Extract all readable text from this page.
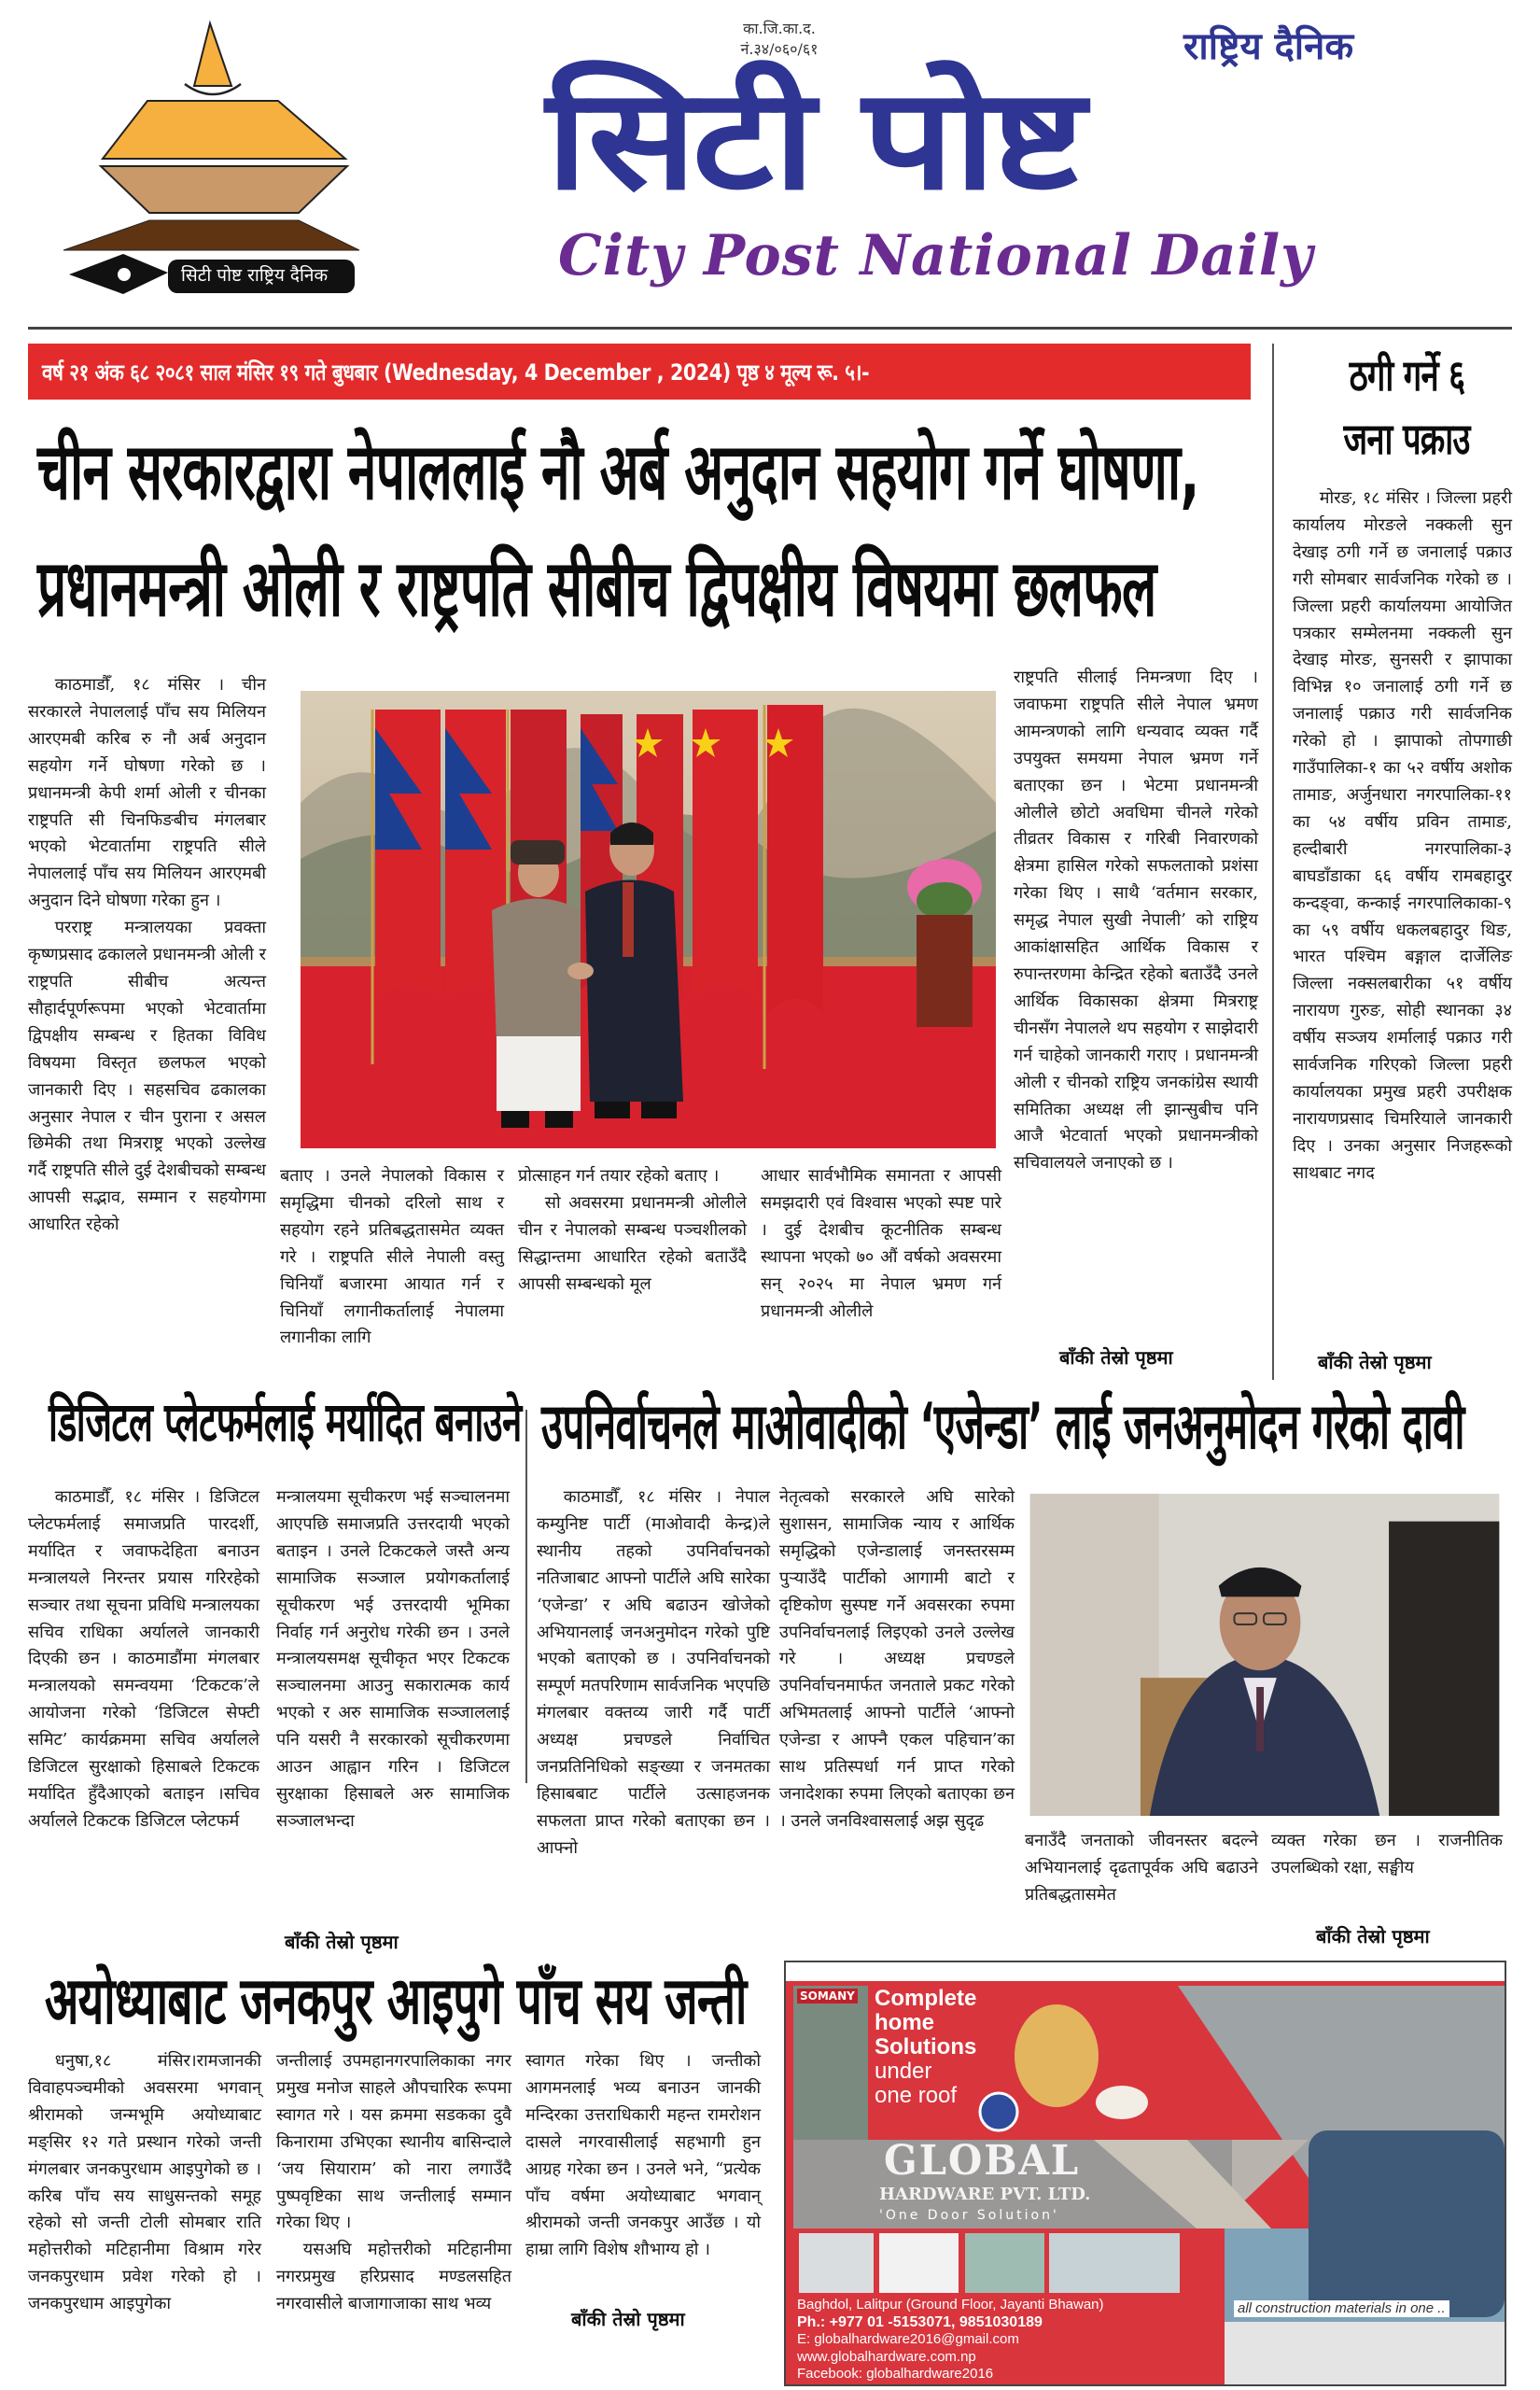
सिटी पोष्ट राष्ट्रिय दैनिक
का.जि.का.द.
नं.३४/०६०/६१	राष्ट्रिय दैनिक
सिटी पोष्ट
City Post National Daily
वर्ष २१ अंक ६८ २०८१ साल मंसिर १९ गते बुधबार (Wednesday, 4 December , 2024) पृष्ठ ४ मूल्य रू. ५।-	ठगी गर्ने ६ जना पक्राउ

मोरङ, १८ मंसिर । जिल्ला प्रहरी कार्यालय मोरङले नक्कली सुन देखाइ ठगी गर्ने छ जनालाई पक्राउ गरी सोमबार सार्वजनिक गरेको छ । जिल्ला प्रहरी कार्यालयमा आयोजित पत्रकार सम्मेलनमा नक्कली सुन देखाइ मोरङ, सुनसरी र झापाका विभिन्न १० जनालाई ठगी गर्ने छ जनालाई पक्राउ गरी सार्वजनिक गरेको हो । झापाको तोपगाछी गाउँपालिका-१ का ५२ वर्षीय अशोक तामाङ, अर्जुनधारा नगरपालिका-११ का ५४ वर्षीय प्रविन तामाङ, हल्दीबारी नगरपालिका-३ बाघडाँडाका ६६ वर्षीय रामबहादुर कन्दङ्वा, कन्काई नगरपालिकाका-९ का ५९ वर्षीय धकलबहादुर थिङ, भारत पश्चिम बङ्गाल दार्जेलिङ जिल्ला नक्सलबारीका ५१ वर्षीय नारायण गुरुङ, सोही स्थानका ३४ वर्षीय सञ्जय शर्मालाई पक्राउ गरी सार्वजनिक गरिएको जिल्ला प्रहरी कार्यालयका प्रमुख प्रहरी उपरीक्षक नारायणप्रसाद चिमरियाले जानकारी दिए । उनका अनुसार निजहरूको साथबाट नगद

बाँकी तेस्रो पृष्ठमा
चीन सरकारद्वारा नेपाललाई नौ अर्ब अनुदान सहयोग गर्ने घोषणा,
प्रधानमन्त्री ओली र राष्ट्रपति सीबीच द्विपक्षीय विषयमा छलफल

काठमाडौँ, १८ मंसिर । चीन सरकारले नेपाललाई पाँच सय मिलियन आरएमबी करिब रु नौ अर्ब अनुदान सहयोग गर्ने घोषणा गरेको छ ।प्रधानमन्त्री केपी शर्मा ओली र चीनका राष्ट्रपति सी चिनफिङबीच मंगलबार भएको भेटवार्तामा राष्ट्रपति सीले नेपाललाई पाँच सय मिलियन आरएमबी अनुदान दिने घोषणा गरेका हुन ।

परराष्ट्र मन्त्रालयका प्रवक्ता कृष्णप्रसाद ढकालले प्रधानमन्त्री ओली र राष्ट्रपति सीबीच अत्यन्त सौहार्दपूर्णरूपमा भएको भेटवार्तामा द्विपक्षीय सम्बन्ध र हितका विविध विषयमा विस्तृत छलफल भएको जानकारी दिए । सहसचिव ढकालका अनुसार नेपाल र चीन पुराना र असल छिमेकी तथा मित्रराष्ट्र भएको उल्लेख गर्दै राष्ट्रपति सीले दुई देशबीचको सम्बन्ध आपसी सद्भाव, सम्मान र सहयोगमा आधारित रहेको

राष्ट्रपति सीलाई निमन्त्रणा दिए । जवाफमा राष्ट्रपति सीले नेपाल भ्रमण आमन्त्रणको लागि धन्यवाद व्यक्त गर्दै उपयुक्त समयमा नेपाल भ्रमण गर्ने बताएका छन । भेटमा प्रधानमन्त्री ओलीले छोटो अवधिमा चीनले गरेको तीव्रतर विकास र गरिबी निवारणको क्षेत्रमा हासिल गरेको सफलताको प्रशंसा गरेका थिए । साथै ‘वर्तमान सरकार, समृद्ध नेपाल सुखी नेपाली’ को राष्ट्रिय आकांक्षासहित आर्थिक विकास र रुपान्तरणमा केन्द्रित रहेको बताउँदै उनले आर्थिक विकासका क्षेत्रमा मित्रराष्ट्र चीनसँग नेपालले थप सहयोग र साझेदारी गर्न चाहेको जानकारी गराए । प्रधानमन्त्री ओली र चीनको राष्ट्रिय जनकांग्रेस स्थायी समितिका अध्यक्ष ली झान्सुबीच पनि आजै भेटवार्ता भएको प्रधानमन्त्रीको सचिवालयले जनाएको छ ।

बाँकी तेस्रो पृष्ठमा

बताए । उनले नेपालको विकास र समृद्धिमा चीनको दरिलो साथ र सहयोग रहने प्रतिबद्धतासमेत व्यक्त गरे । राष्ट्रपति सीले नेपाली वस्तु चिनियाँ बजारमा आयात गर्न र चिनियाँ लगानीकर्तालाई नेपालमा लगानीका लागि

प्रोत्साहन गर्न तयार रहेको बताए ।

सो अवसरमा प्रधानमन्त्री ओलीले चीन र नेपालको सम्बन्ध पञ्चशीलको सिद्धान्तमा आधारित रहेको बताउँदै आपसी सम्बन्धको मूल

आधार सार्वभौमिक समानता र आपसी समझदारी एवं विश्वास भएको स्पष्ट पारे । दुई देशबीच कूटनीतिक सम्बन्ध स्थापना भएको ७० औं वर्षको अवसरमा सन् २०२५ मा नेपाल भ्रमण गर्न प्रधानमन्त्री ओलीले

डिजिटल प्लेटफर्मलाई मर्यादित बनाउने

काठमाडौँ, १८ मंसिर । डिजिटल प्लेटफर्मलाई समाजप्रति पारदर्शी, मर्यादित र जवाफदेहिता बनाउन मन्त्रालयले निरन्तर प्रयास गरिरहेको सञ्चार तथा सूचना प्रविधि मन्त्रालयका सचिव राधिका अर्यालले जानकारी दिएकी छन । काठमाडौंमा मंगलबार मन्त्रालयको समन्वयमा ‘टिकटक’ले आयोजना गरेको ‘डिजिटल सेफ्टी समिट’ कार्यक्रममा सचिव अर्यालले डिजिटल सुरक्षाको हिसाबले टिकटक मर्यादित हुँदैआएको बताइन ।सचिव अर्यालले टिकटक डिजिटल प्लेटफर्म

मन्त्रालयमा सूचीकरण भई सञ्चालनमा आएपछि समाजप्रति उत्तरदायी भएको बताइन । उनले टिकटकले जस्तै अन्य सामाजिक सञ्जाल प्रयोगकर्तालाई सूचीकरण भई उत्तरदायी भूमिका निर्वाह गर्न अनुरोध गरेकी छन । उनले मन्त्रालयसमक्ष सूचीकृत भएर टिकटक सञ्चालनमा आउनु सकारात्मक कार्य भएको र अरु सामाजिक सञ्जाललाई पनि यसरी नै सरकारको सूचीकरणमा आउन आह्वान गरिन । डिजिटल सुरक्षाका हिसाबले अरु सामाजिक सञ्जालभन्दा

बाँकी तेस्रो पृष्ठमा
उपनिर्वाचनले माओवादीको ‘एजेन्डा’ लाई जनअनुमोदन गरेको दावी

काठमाडौँ, १८ मंसिर । नेपाल कम्युनिष्ट पार्टी (माओवादी केन्द्र)ले स्थानीय तहको उपनिर्वाचनको नतिजाबाट आफ्नो पार्टीले अघि सारेका ‘एजेन्डा’ र अघि बढाउन खोजेको अभियानलाई जनअनुमोदन गरेको पुष्टि भएको बताएको छ । उपनिर्वाचनको सम्पूर्ण मतपरिणाम सार्वजनिक भएपछि मंगलबार वक्तव्य जारी गर्दै पार्टी अध्यक्ष प्रचण्डले निर्वाचित जनप्रतिनिधिको सङ्ख्या र जनमतका हिसाबबाट पार्टीले उत्साहजनक सफलता प्राप्त गरेको बताएका छन । आफ्नो

नेतृत्वको सरकारले अघि सारेको सुशासन, सामाजिक न्याय र आर्थिक समृद्धिको एजेन्डालाई जनस्तरसम्म पुर्‍याउँदै पार्टीको आगामी बाटो र दृष्टिकोण सुस्पष्ट गर्ने अवसरका रुपमा उपनिर्वाचनलाई लिइएको उनले उल्लेख गरे । अध्यक्ष प्रचण्डले उपनिर्वाचनमार्फत जनताले प्रकट गरेको अभिमतलाई आफ्नो पार्टीले ‘आफ्नो एजेन्डा र आफ्नै एकल पहिचान’का साथ प्रतिस्पर्धा गर्न प्राप्त गरेको जनादेशका रुपमा लिएको बताएका छन । उनले जनविश्वासलाई अझ सुदृढ

बनाउँदै जनताको जीवनस्तर बदल्ने अभियानलाई दृढतापूर्वक अघि बढाउने प्रतिबद्धतासमेत

व्यक्त गरेका छन । राजनीतिक उपलब्धिको रक्षा, सङ्घीय

बाँकी तेस्रो पृष्ठमा
अयोध्याबाट जनकपुर आइपुगे पाँच सय जन्ती

धनुषा,१८ मंसिर।रामजानकी विवाहपञ्चमीको अवसरमा भगवान् श्रीरामको जन्मभूमि अयोध्याबाट मङ्सिर १२ गते प्रस्थान गरेको जन्ती मंगलबार जनकपुरधाम आइपुगेको छ । करिब पाँच सय साधुसन्तको समूह रहेको सो जन्ती टोली सोमबार राति महोत्तरीको मटिहानीमा विश्राम गरेर जनकपुरधाम प्रवेश गरेको हो । जनकपुरधाम आइपुगेका

जन्तीलाई उपमहानगरपालिकाका नगर प्रमुख मनोज साहले औपचारिक रूपमा स्वागत गरे । यस क्रममा सडकका दुवै किनारामा उभिएका स्थानीय बासिन्दाले ‘जय सियाराम’ को नारा लगाउँदै पुष्पवृष्टिका साथ जन्तीलाई सम्मान गरेका थिए ।

यसअघि महोत्तरीको मटिहानीमा नगरप्रमुख हरिप्रसाद मण्डलसहित नगरवासीले बाजागाजाका साथ भव्य

स्वागत गरेका थिए । जन्तीको आगमनलाई भव्य बनाउन जानकी मन्दिरका उत्तराधिकारी महन्त रामरोशन दासले नगरवासीलाई सहभागी हुन आग्रह गरेका छन । उनले भने, “प्रत्येक पाँच वर्षमा अयोध्याबाट भगवान् श्रीरामको जन्ती जनकपुर आउँछ । यो हाम्रा लागि विशेष शौभाग्य हो ।

बाँकी तेस्रो पृष्ठमा
SOMANY Complete
home
Solutions
under
one roof
GLOBAL
HARDWARE PVT. LTD.
'One Door Solution'
all construction materials in one ..
Baghdol, Lalitpur (Ground Floor, Jayanti Bhawan)
Ph.: +977 01 -5153071, 9851030189
E: globalhardware2016@gmail.com
www.globalhardware.com.np
Facebook: globalhardware2016
